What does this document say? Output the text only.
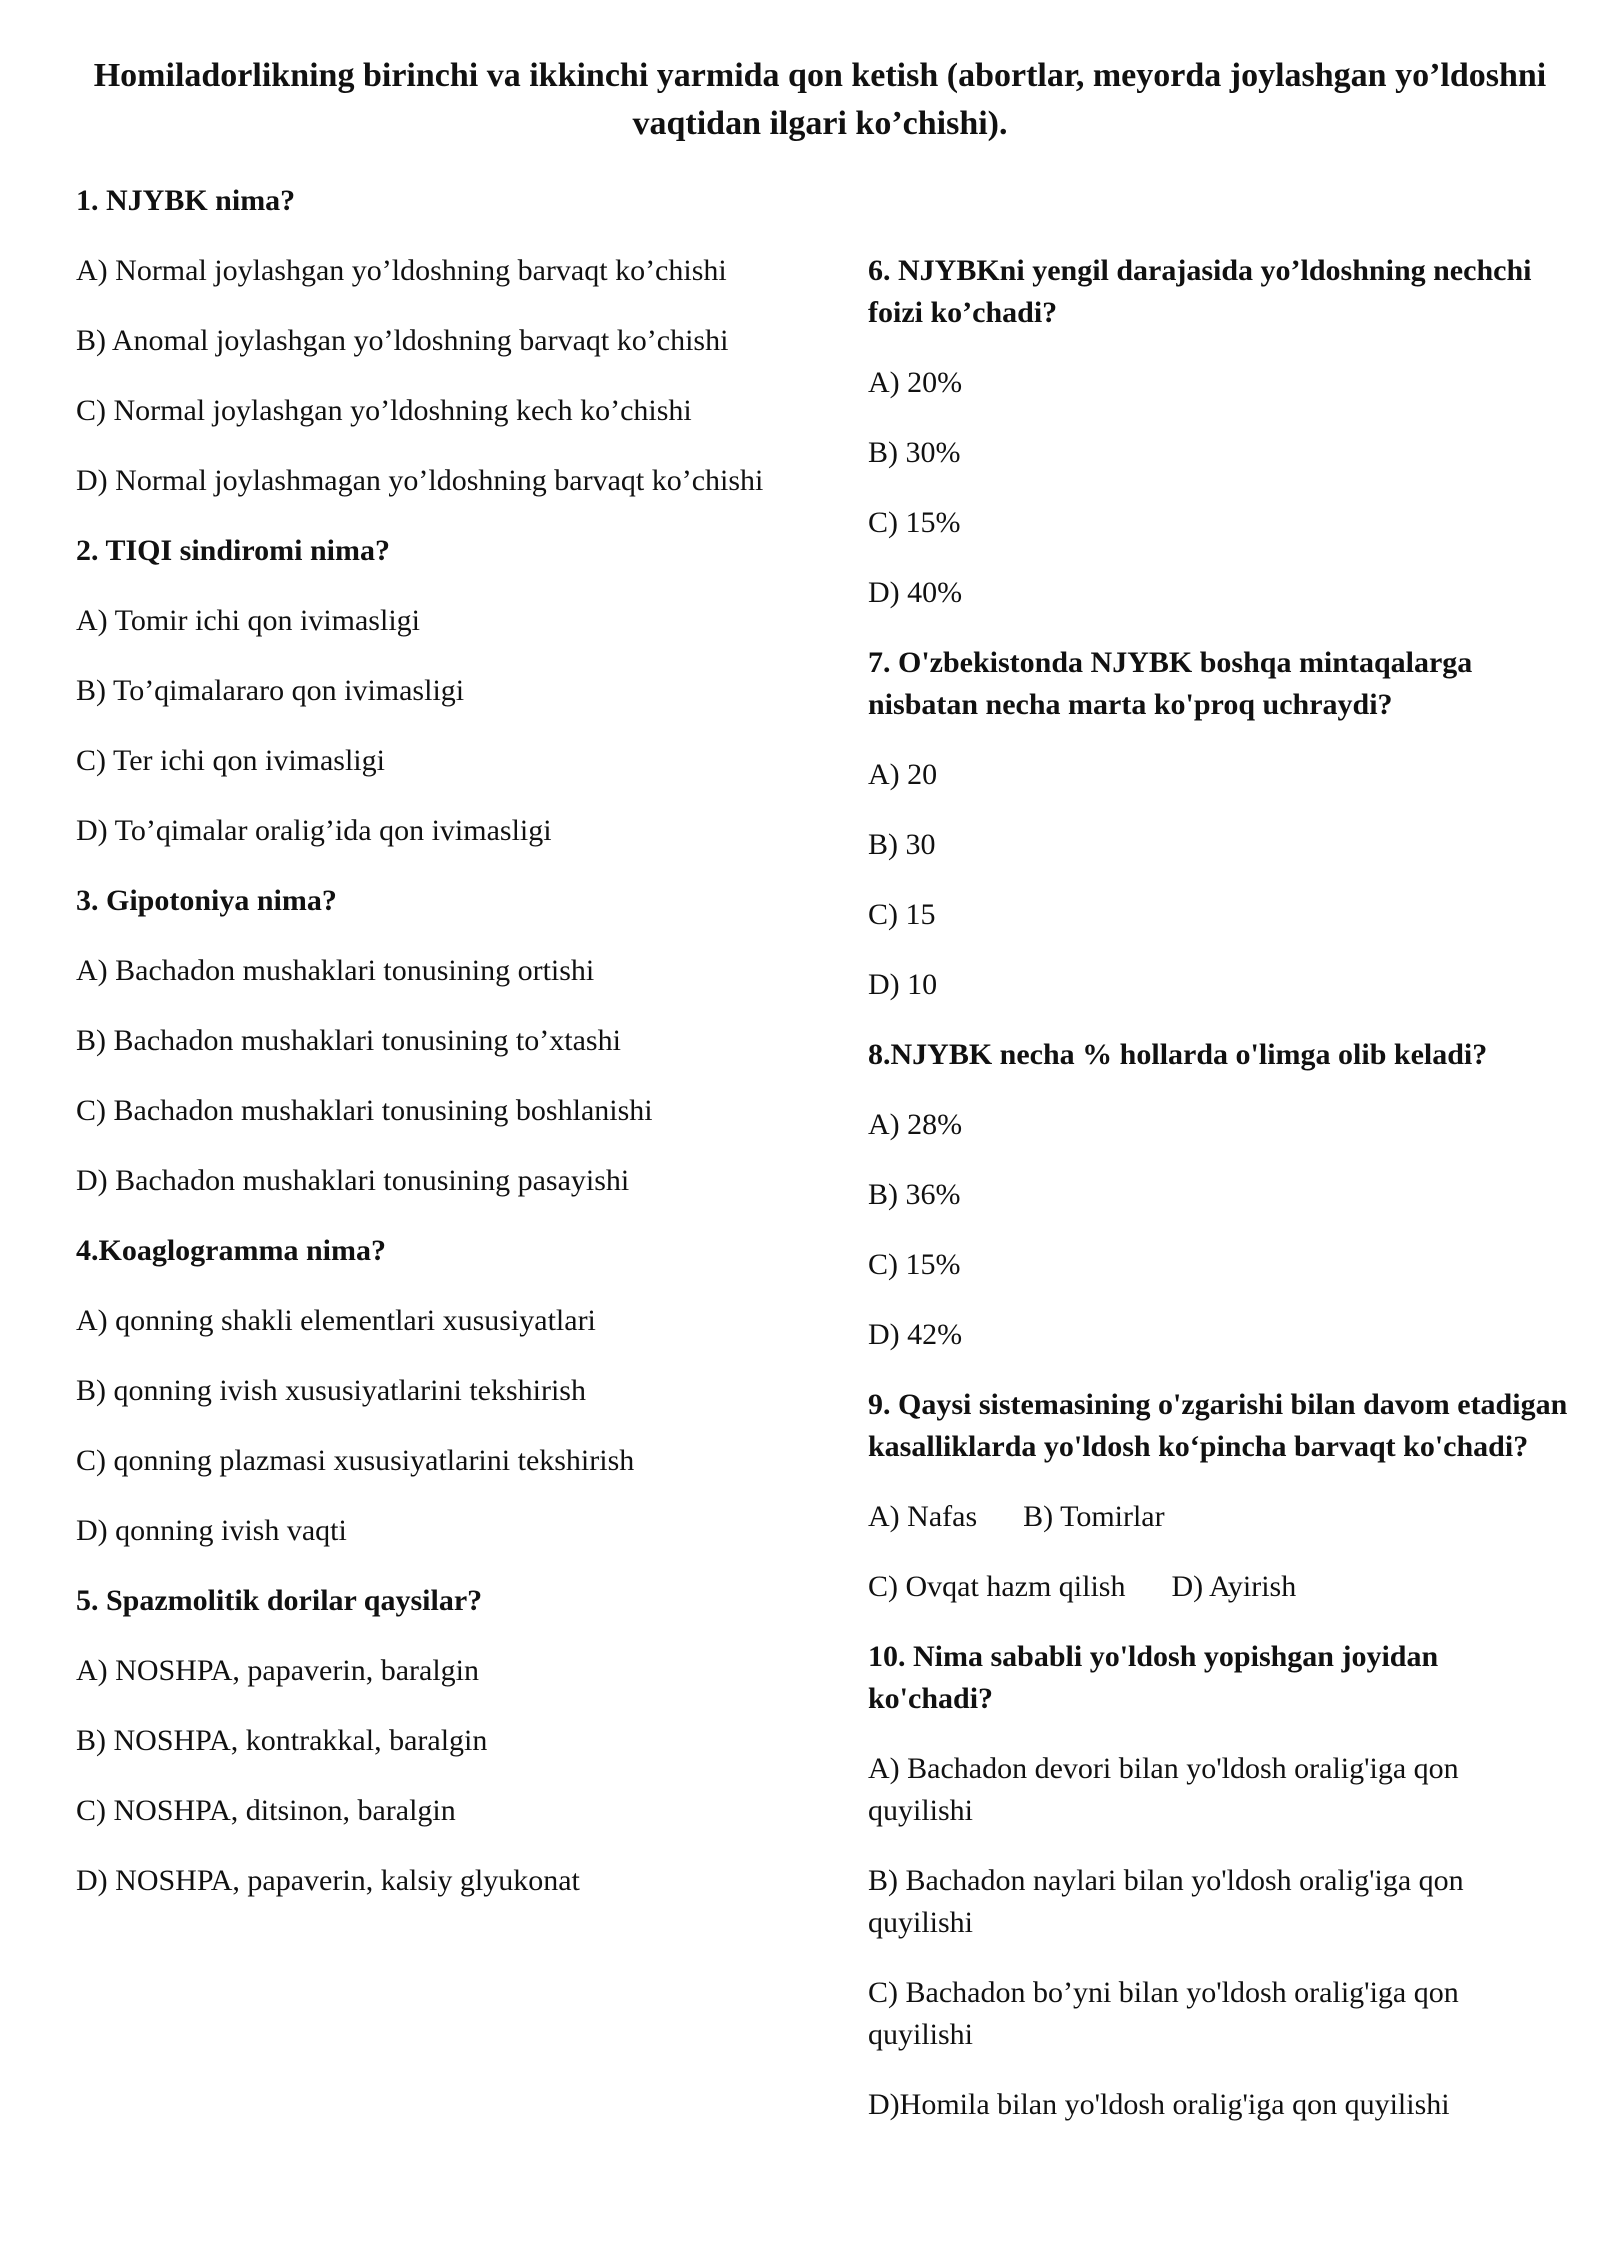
Homiladorlikning birinchi va ikkinchi yarmida qon ketish (abortlar, meyorda joylashgan yo’ldoshni vaqtidan ilgari ko’chishi).

1. NJYBK nima?

A) Normal joylashgan yo’ldoshning barvaqt ko’chishi

B) Anomal joylashgan yo’ldoshning barvaqt ko’chishi

C) Normal joylashgan yo’ldoshning kech ko’chishi

D) Normal joylashmagan yo’ldoshning barvaqt ko’chishi

2. TIQI sindiromi nima?

A) Tomir ichi qon ivimasligi

B) To’qimalararo qon ivimasligi

C) Ter ichi qon ivimasligi

D) To’qimalar oralig’ida qon ivimasligi

3. Gipotoniya nima?

A) Bachadon mushaklari tonusining ortishi

B) Bachadon mushaklari tonusining to’xtashi

C) Bachadon mushaklari tonusining boshlanishi

D) Bachadon mushaklari tonusining pasayishi

4.Koaglogramma nima?

A) qonning shakli elementlari xususiyatlari

B) qonning ivish xususiyatlarini tekshirish

C) qonning plazmasi xususiyatlarini tekshirish

D) qonning ivish vaqti

5. Spazmolitik dorilar qaysilar?

A) NOSHPA, papaverin, baralgin

B) NOSHPA, kontrakkal, baralgin

C) NOSHPA, ditsinon, baralgin

D) NOSHPA, papaverin, kalsiy glyukonat

6. NJYBKni yengil darajasida yo’ldoshning nechchi foizi ko’chadi?

A) 20%

B) 30%

C) 15%

D) 40%

7. O'zbekistonda NJYBK boshqa mintaqalarga nisbatan necha marta ko'proq uchraydi?

A) 20

B) 30

C) 15

D) 10

8.NJYBK necha % hollarda o'limga olib keladi?

A) 28%

B) 36%

C) 15%

D) 42%

9. Qaysi sistemasining o'zgarishi bilan davom etadigan kasalliklarda yo'ldosh ko‘pincha barvaqt ko'chadi?

A) Nafas B) Tomirlar

C) Ovqat hazm qilish D) Ayirish

10. Nima sababli yo'ldosh yopishgan joyidan ko'chadi?

A) Bachadon devori bilan yo'ldosh oralig'iga qon quyilishi

B) Bachadon naylari bilan yo'ldosh oralig'iga qon quyilishi

C) Bachadon bo’yni bilan yo'ldosh oralig'iga qon quyilishi

D)Homila bilan yo'ldosh oralig'iga qon quyilishi
